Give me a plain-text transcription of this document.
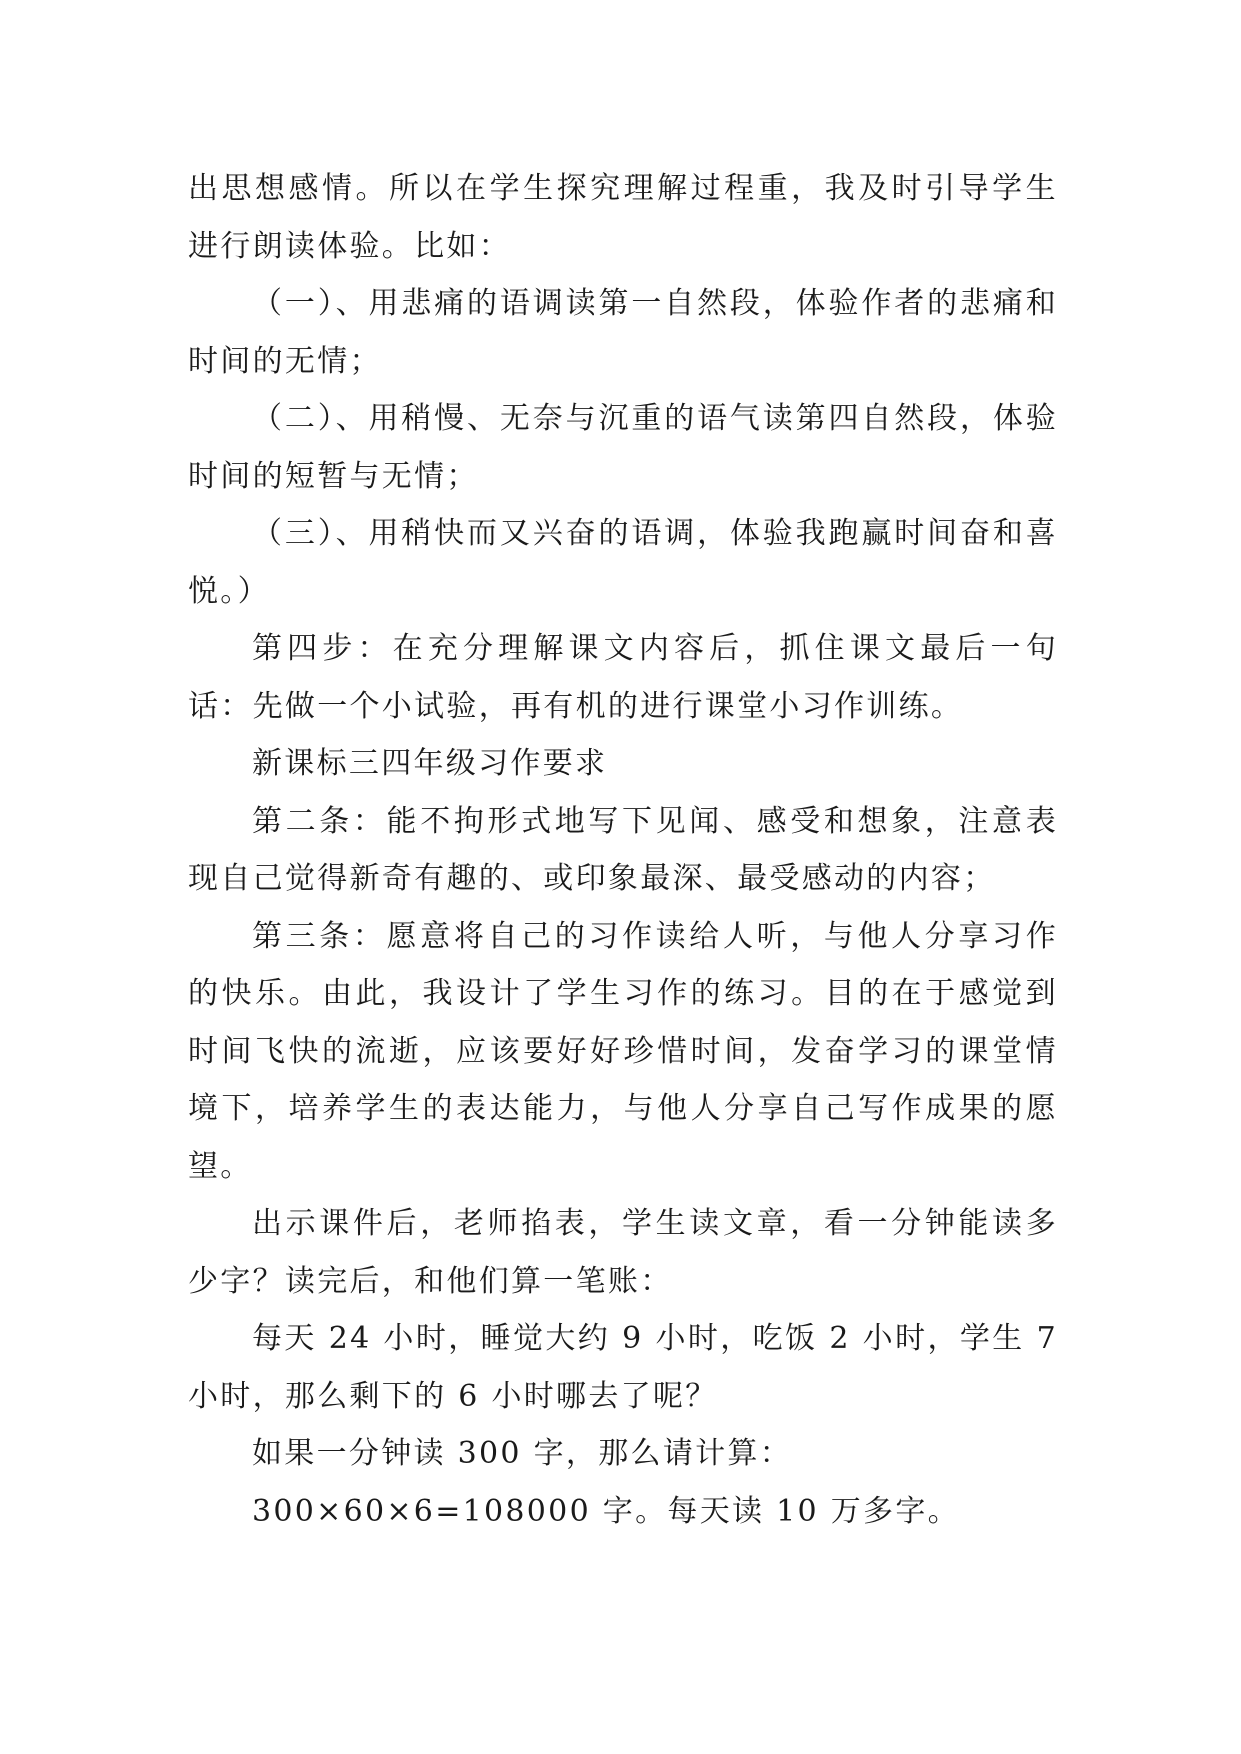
出思想感情。所以在学生探究理解过程重，我及时引导学生进行朗读体验。比如：

（一）、用悲痛的语调读第一自然段，体验作者的悲痛和时间的无情；

（二）、用稍慢、无奈与沉重的语气读第四自然段，体验时间的短暂与无情；

（三）、用稍快而又兴奋的语调，体验我跑赢时间奋和喜悦。）

第四步：在充分理解课文内容后，抓住课文最后一句话：先做一个小试验，再有机的进行课堂小习作训练。

新课标三四年级习作要求

第二条：能不拘形式地写下见闻、感受和想象，注意表现自己觉得新奇有趣的、或印象最深、最受感动的内容；

第三条：愿意将自己的习作读给人听，与他人分享习作的快乐。由此，我设计了学生习作的练习。目的在于感觉到时间飞快的流逝，应该要好好珍惜时间，发奋学习的课堂情境下，培养学生的表达能力，与他人分享自己写作成果的愿望。

出示课件后，老师掐表，学生读文章，看一分钟能读多少字？读完后，和他们算一笔账：

每天 24 小时，睡觉大约 9 小时，吃饭 2 小时，学生 7 小时，那么剩下的 6 小时哪去了呢？

如果一分钟读 300 字，那么请计算：

300×60×6=108000 字。每天读 10 万多字。
